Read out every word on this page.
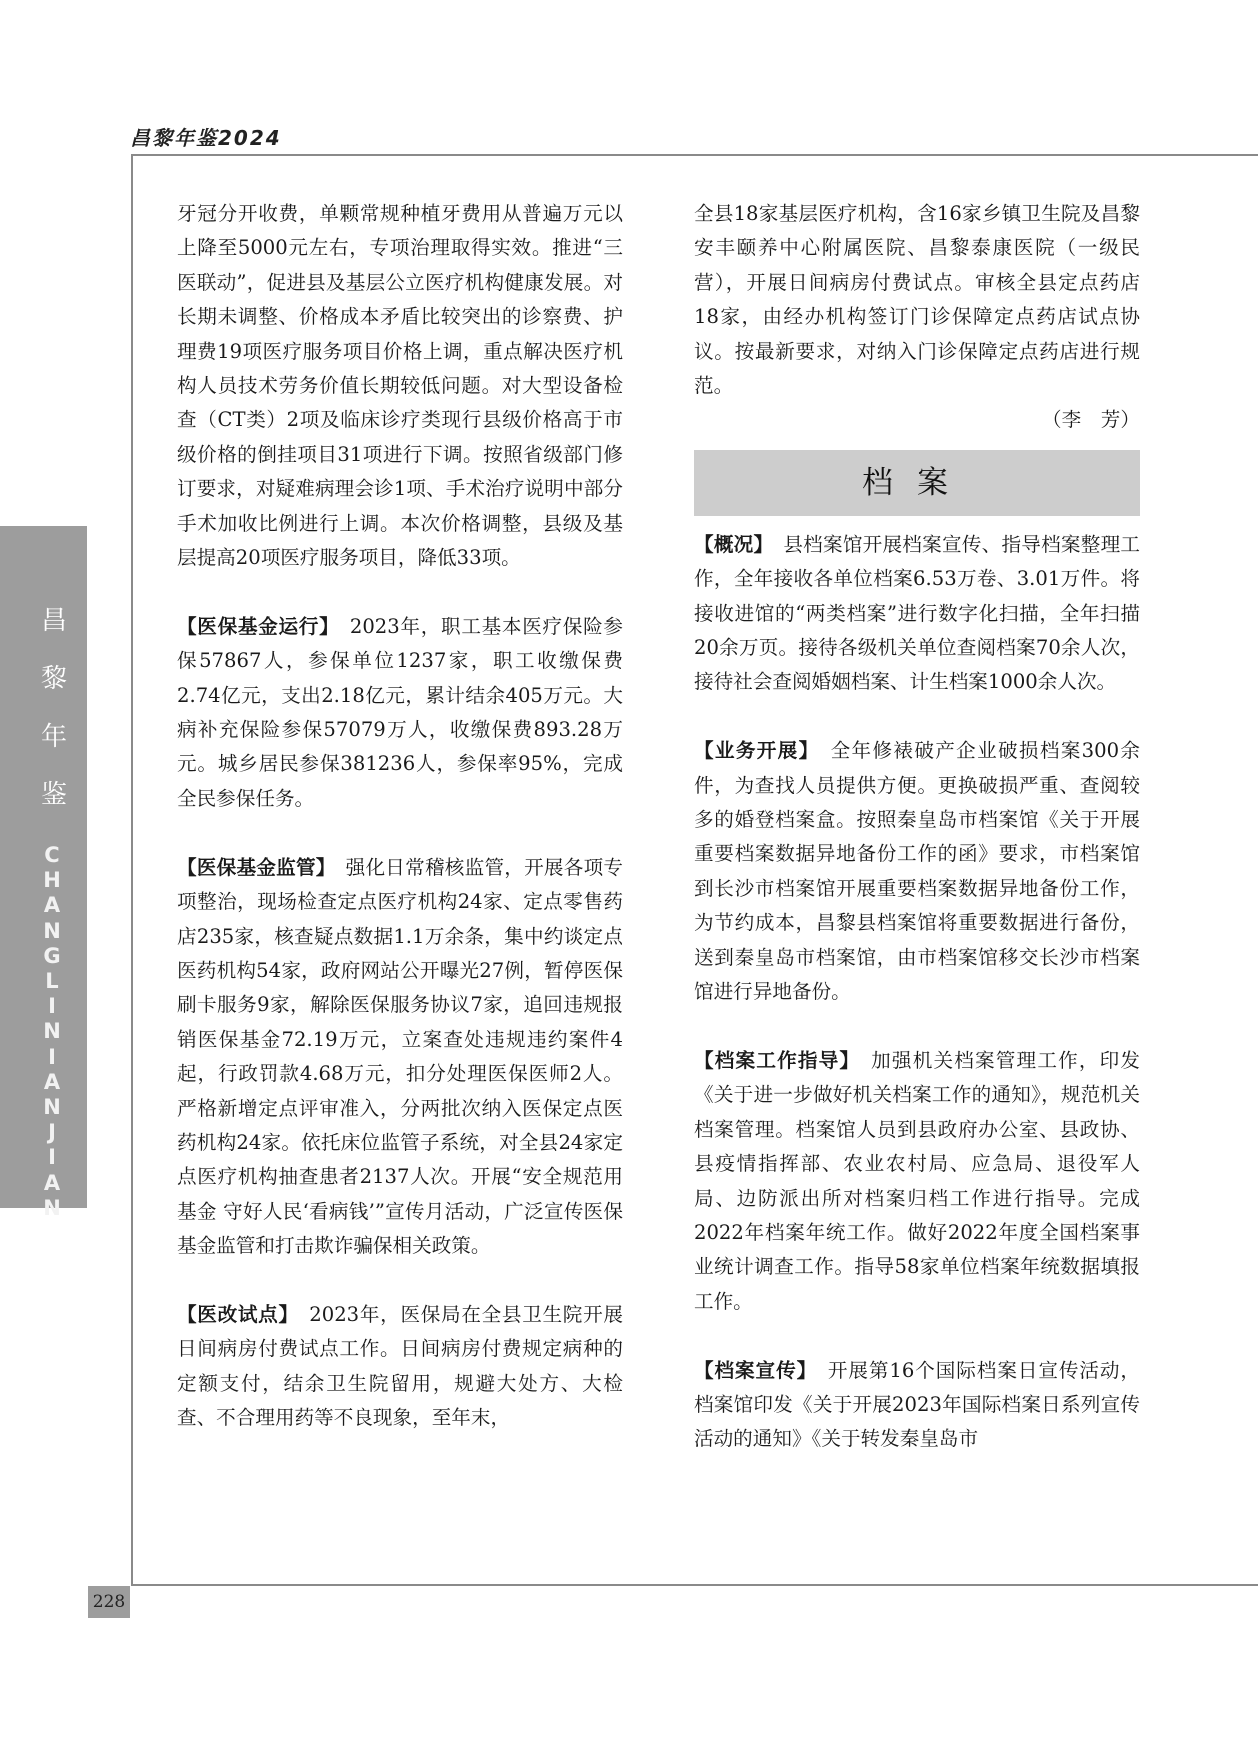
昌黎年鉴2024
昌
黎
年
鉴
C
H
A
N
G
L
I
N
I
A
N
J
I
A
N
228

牙冠分开收费，单颗常规种植牙费用从普遍万元以上降至5000元左右，专项治理取得实效。推进“三医联动”，促进县及基层公立医疗机构健康发展。对长期未调整、价格成本矛盾比较突出的诊察费、护理费19项医疗服务项目价格上调，重点解决医疗机构人员技术劳务价值长期较低问题。对大型设备检查（CT类）2项及临床诊疗类现行县级价格高于市级价格的倒挂项目31项进行下调。按照省级部门修订要求，对疑难病理会诊1项、手术治疗说明中部分手术加收比例进行上调。本次价格调整，县级及基层提高20项医疗服务项目，降低33项。

【医保基金运行】　 2023年，职工基本医疗保险参保57867人，参保单位1237家，职工收缴保费2.74亿元，支出2.18亿元，累计结余405万元。大病补充保险参保57079万人，收缴保费893.28万元。城乡居民参保381236人，参保率95%，完成全民参保任务。

【医保基金监管】　 强化日常稽核监管，开展各项专项整治，现场检查定点医疗机构24家、定点零售药店235家，核查疑点数据1.1万余条，集中约谈定点医药机构54家，政府网站公开曝光27例，暂停医保刷卡服务9家，解除医保服务协议7家，追回违规报销医保基金72.19万元，立案查处违规违约案件4起，行政罚款4.68万元，扣分处理医保医师2人。严格新增定点评审准入，分两批次纳入医保定点医药机构24家。依托床位监管子系统，对全县24家定点医疗机构抽查患者2137人次。开展“安全规范用基金 守好人民‘看病钱’”宣传月活动，广泛宣传医保基金监管和打击欺诈骗保相关政策。

【医改试点】　 2023年，医保局在全县卫生院开展日间病房付费试点工作。日间病房付费规定病种的定额支付，结余卫生院留用，规避大处方、大检查、不合理用药等不良现象，至年末，

全县18家基层医疗机构，含16家乡镇卫生院及昌黎安丰颐养中心附属医院、昌黎泰康医院（一级民营），开展日间病房付费试点。审核全县定点药店18家，由经办机构签订门诊保障定点药店试点协议。按最新要求，对纳入门诊保障定点药店进行规范。

（李　芳）

档案

【概况】　 县档案馆开展档案宣传、指导档案整理工作，全年接收各单位档案6.53万卷、3.01万件。将接收进馆的“两类档案”进行数字化扫描，全年扫描20余万页。接待各级机关单位查阅档案70余人次，接待社会查阅婚姻档案、计生档案1000余人次。

【业务开展】　 全年修裱破产企业破损档案300余件，为查找人员提供方便。更换破损严重、查阅较多的婚登档案盒。按照秦皇岛市档案馆《关于开展重要档案数据异地备份工作的函》要求，市档案馆到长沙市档案馆开展重要档案数据异地备份工作，为节约成本，昌黎县档案馆将重要数据进行备份，送到秦皇岛市档案馆，由市档案馆移交长沙市档案馆进行异地备份。

【档案工作指导】　 加强机关档案管理工作，印发《关于进一步做好机关档案工作的通知》，规范机关档案管理。档案馆人员到县政府办公室、县政协、县疫情指挥部、农业农村局、应急局、退役军人局、边防派出所对档案归档工作进行指导。完成2022年档案年统工作。做好2022年度全国档案事业统计调查工作。指导58家单位档案年统数据填报工作。

【档案宣传】　 开展第16个国际档案日宣传活动，档案馆印发《关于开展2023年国际档案日系列宣传活动的通知》《关于转发秦皇岛市
